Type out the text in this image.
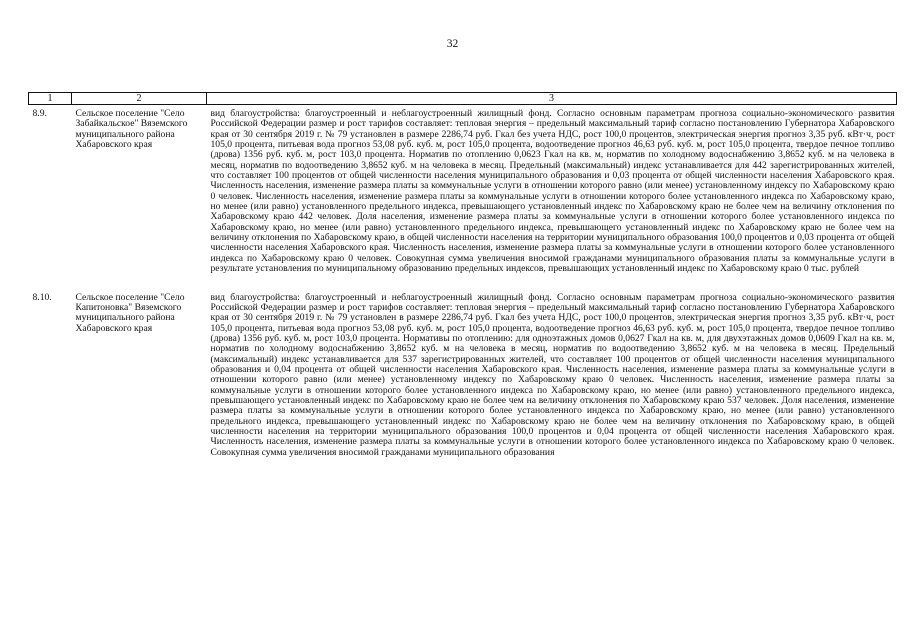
32
1	2	3
8.9.	Сельское поселение "Село Забайкальское" Вяземского муниципального района Хабаровского края	вид благоустройства: благоустроенный и неблагоустроенный жилищный фонд. Согласно основным параметрам прогноза социально-экономического развития Российской Федерации размер и рост тарифов составляет: тепловая энергия – предельный максимальный тариф согласно постановлению Губернатора Хабаровского края от 30 сентября 2019 г. № 79 установлен в размере 2286,74 руб. Гкал без учета НДС, рост 100,0 процентов, электрическая энергия прогноз 3,35 руб. кВт·ч, рост 105,0 процента, питьевая вода прогноз 53,08 руб. куб. м, рост 105,0 процента, водоотведение прогноз 46,63 руб. куб. м, рост 105,0 процента, твердое печное топливо (дрова) 1356 руб. куб. м, рост 103,0 процента. Норматив по отоплению 0,0623 Гкал на кв. м, норматив по холодному водоснабжению 3,8652 куб. м на человека в месяц, норматив по водоотведению 3,8652 куб. м на человека в месяц. Предельный (максимальный) индекс устанавливается для 442 зарегистрированных жителей, что составляет 100 процентов от общей численности населения муниципального образования и 0,03 процента от общей численности населения Хабаровского края. Численность населения, изменение размера платы за коммунальные услуги в отношении которого равно (или менее) установленному индексу по Хабаровскому краю 0 человек. Численность населения, изменение размера платы за коммунальные услуги в отношении которого более установленного индекса по Хабаровскому краю, но менее (или равно) установленного предельного индекса, превышающего установленный индекс по Хабаровскому краю не более чем на величину отклонения по Хабаровскому краю 442 человек. Доля населения, изменение размера платы за коммунальные услуги в отношении которого более установленного индекса по Хабаровскому краю, но менее (или равно) установленного предельного индекса, превышающего установленный индекс по Хабаровскому краю не более чем на величину отклонения по Хабаровскому краю, в общей численности населения на территории муниципального образования 100,0 процентов и 0,03 процента от общей численности населения Хабаровского края. Численность населения, изменение размера платы за коммунальные услуги в отношении которого более установленного индекса по Хабаровскому краю 0 человек. Совокупная сумма увеличения вносимой гражданами муниципального образования платы за коммунальные услуги в результате установления по муниципальному образованию предельных индексов, превышающих установленный индекс по Хабаровскому краю 0 тыс. рублей

8.10.	Сельское поселение "Село Капитоновка" Вяземского муниципального района Хабаровского края	вид благоустройства: благоустроенный и неблагоустроенный жилищный фонд. Согласно основным параметрам прогноза социально-экономического развития Российской Федерации размер и рост тарифов составляет: тепловая энергия – предельный максимальный тариф согласно постановлению Губернатора Хабаровского края от 30 сентября 2019 г. № 79 установлен в размере 2286,74 руб. Гкал без учета НДС, рост 100,0 процентов, электрическая энергия прогноз 3,35 руб. кВт·ч, рост 105,0 процента, питьевая вода прогноз 53,08 руб. куб. м, рост 105,0 процента, водоотведение прогноз 46,63 руб. куб. м, рост 105,0 процента, твердое печное топливо (дрова) 1356 руб. куб. м, рост 103,0 процента. Нормативы по отоплению: для одноэтажных домов 0,0627 Гкал на кв. м, для двухэтажных домов 0,0609 Гкал на кв. м, норматив по холодному водоснабжению 3,8652 куб. м на человека в месяц, норматив по водоотведению 3,8652 куб. м на человека в месяц. Предельный (максимальный) индекс устанавливается для 537 зарегистрированных жителей, что составляет 100 процентов от общей численности населения муниципального образования и 0,04 процента от общей численности населения Хабаровского края. Численность населения, изменение размера платы за коммунальные услуги в отношении которого равно (или менее) установленному индексу по Хабаровскому краю 0 человек. Численность населения, изменение размера платы за коммунальные услуги в отношении которого более установленного индекса по Хабаровскому краю, но менее (или равно) установленного предельного индекса, превышающего установленный индекс по Хабаровскому краю не более чем на величину отклонения по Хабаровскому краю 537 человек. Доля населения, изменение размера платы за коммунальные услуги в отношении которого более установленного индекса по Хабаровскому краю, но менее (или равно) установленного предельного индекса, превышающего установленный индекс по Хабаровскому краю не более чем на величину отклонения по Хабаровскому краю, в общей численности населения на территории муниципального образования 100,0 процентов и 0,04 процента от общей численности населения Хабаровского края. Численность населения, изменение размера платы за коммунальные услуги в отношении которого более установленного индекса по Хабаровскому краю 0 человек. Совокупная сумма увеличения вносимой гражданами муниципального образования
